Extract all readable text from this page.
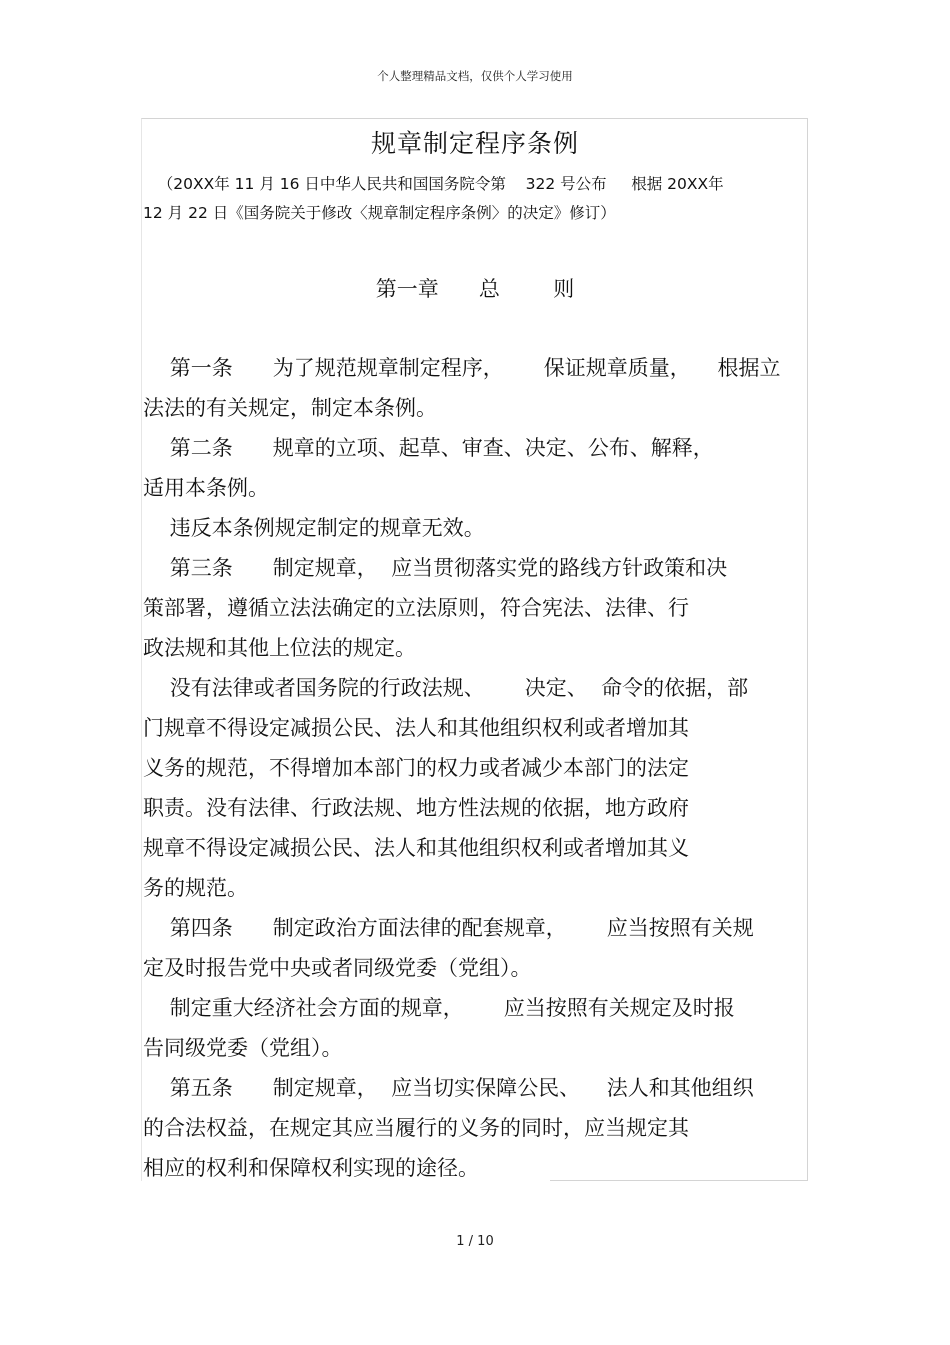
个人整理精品文档，仅供个人学习使用
规章制定程序条例
（20XX年 11 月 16 日中华人民共和国国务院令第    322 号公布     根据 20XX年
12 月 22 日《国务院关于修改〈规章制定程序条例〉的决定》修订）
第一章      总        则
第一条      为了规范规章制定程序，      保证规章质量，    根据立
法法的有关规定，制定本条例。
第二条      规章的立项、起草、审查、决定、公布、解释，
适用本条例。
违反本条例规定制定的规章无效。
第三条      制定规章，  应当贯彻落实党的路线方针政策和决
策部署，遵循立法法确定的立法原则，符合宪法、法律、行
政法规和其他上位法的规定。
没有法律或者国务院的行政法规、      决定、  命令的依据，部
门规章不得设定减损公民、法人和其他组织权利或者增加其
义务的规范，不得增加本部门的权力或者减少本部门的法定
职责。没有法律、行政法规、地方性法规的依据，地方政府
规章不得设定减损公民、法人和其他组织权利或者增加其义
务的规范。
第四条      制定政治方面法律的配套规章，      应当按照有关规
定及时报告党中央或者同级党委（党组）。
制定重大经济社会方面的规章，      应当按照有关规定及时报
告同级党委（党组）。
第五条      制定规章，  应当切实保障公民、    法人和其他组织
的合法权益，在规定其应当履行的义务的同时，应当规定其
相应的权利和保障权利实现的途径。
1 / 10
